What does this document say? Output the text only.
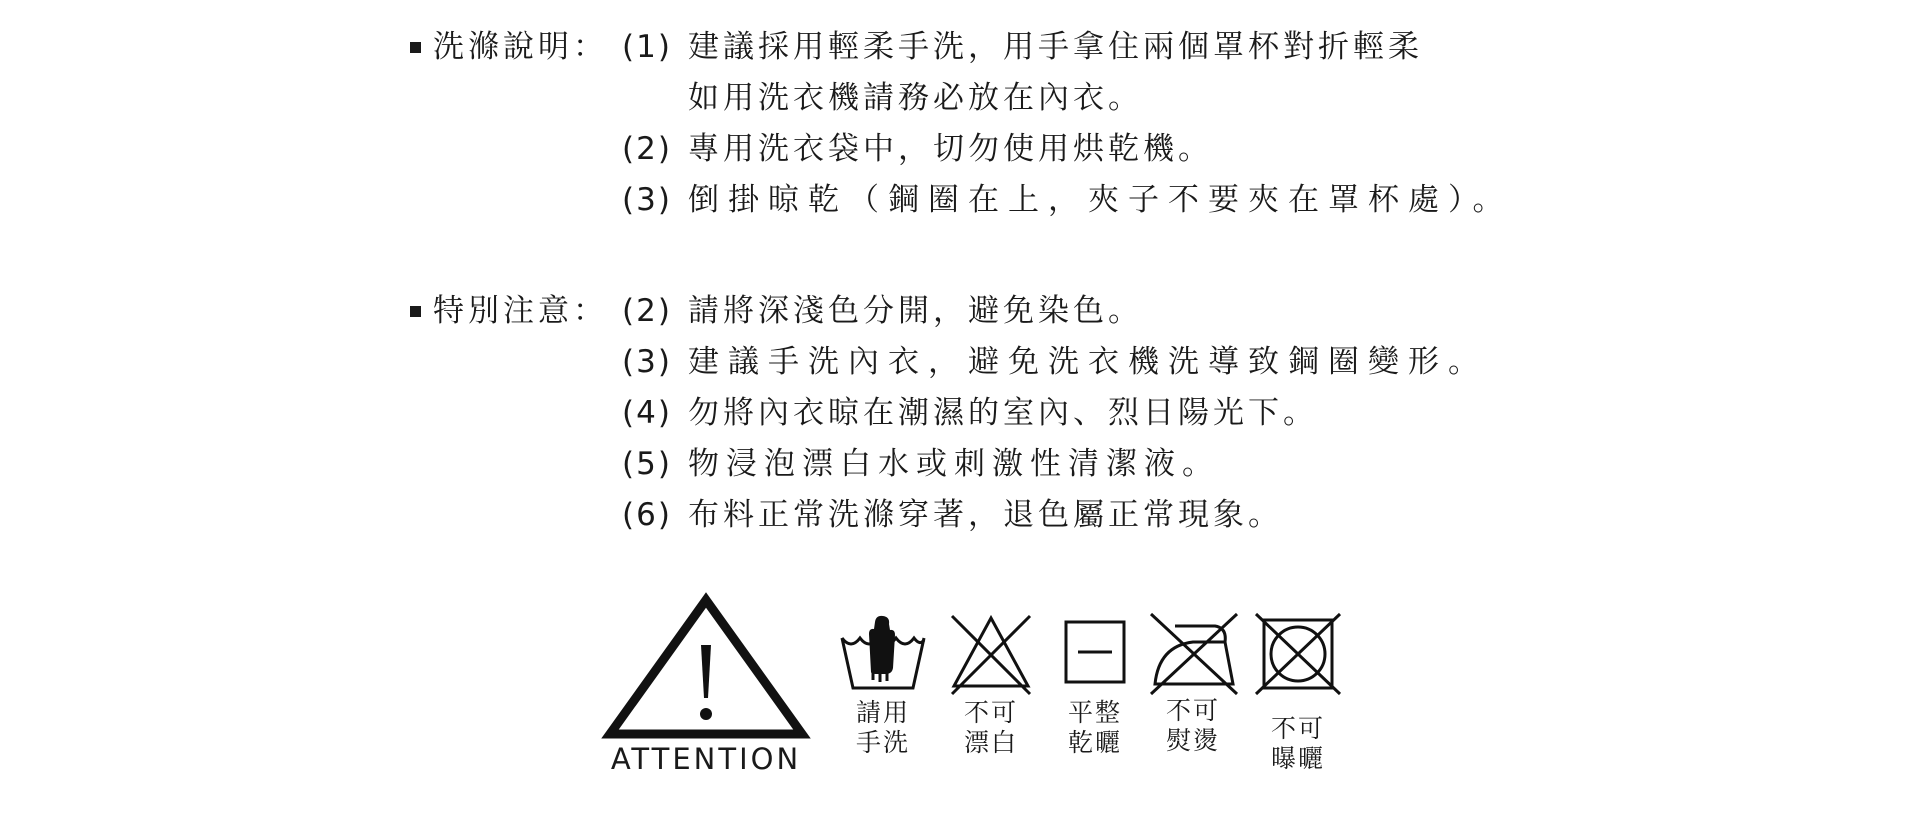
洗滌說明： (1) 建議採用輕柔手洗，用手拿住兩個罩杯對折輕柔
如用洗衣機請務必放在內衣。
(2) 專用洗衣袋中，切勿使用烘乾機。
(3) 倒掛晾乾（鋼圈在上，夾子不要夾在罩杯處）。
特別注意： (2) 請將深淺色分開，避免染色。
(3) 建議手洗內衣，避免洗衣機洗導致鋼圈變形。
(4) 勿將內衣晾在潮濕的室內、烈日陽光下。
(5) 物浸泡漂白水或刺激性清潔液。
(6) 布料正常洗滌穿著，退色屬正常現象。
ATTENTION
請用
手洗
不可
漂白
平整
乾曬
不可
熨燙	不可
曝曬
